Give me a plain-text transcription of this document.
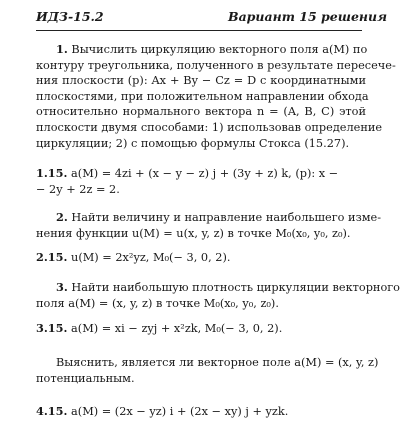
ИДЗ-15.2	Вариант 15 решения
1. Вычислить циркуляцию векторного поля a(M) по
контуру треугольника, полученного в результате пересече-
ния плоскости (p): Ax + By − Cz = D с координатными
плоскостями, при положительном направлении обхода
относительно нормального вектора n = (A, B, C) этой
плоскости двумя способами: 1) использовав определение
циркуляции; 2) с помощью формулы Стокса (15.27).
1.15. a(M) = 4zi + (x − y − z) j + (3y + z) k, (p): x −
− 2y + 2z = 2.
2. Найти величину и направление наибольшего изме-
нения функции u(M) = u(x, y, z) в точке M₀(x₀, y₀, z₀).
2.15. u(M) = 2x²yz, M₀(− 3, 0, 2).
3. Найти наибольшую плотность циркуляции векторного
поля a(M) = (x, y, z) в точке M₀(x₀, y₀, z₀).
3.15. a(M) = xi − zyj + x²zk, M₀(− 3, 0, 2).
Выяснить, является ли векторное поле a(M) = (x, y, z)
потенциальным.
4.15. a(M) = (2x − yz) i + (2x − xy) j + yzk.
